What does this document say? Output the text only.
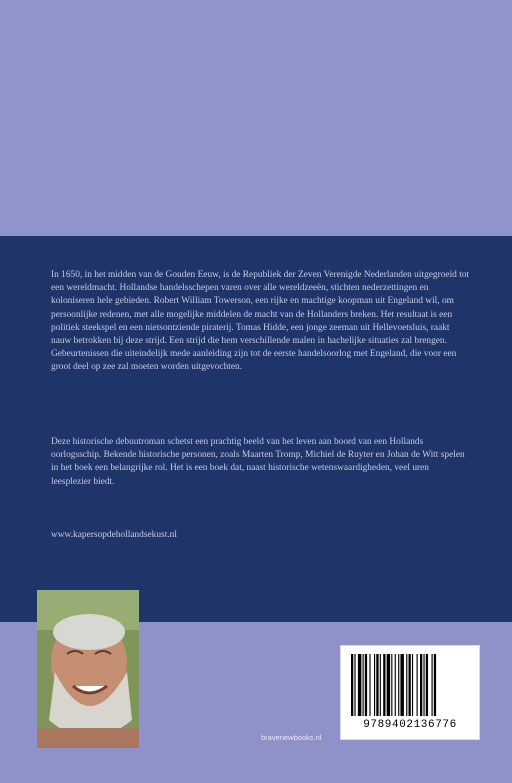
In 1650, in het midden van de Gouden Eeuw, is de Republiek der Zeven Verenigde Nederlanden uitgegroeid tot een wereldmacht. Hollandse handelsschepen varen over alle wereldzeeën, stichten nederzettingen en koloniseren hele gebieden. Robert William Towerson, een rijke en machtige koopman uit Engeland wil, om persoonlijke redenen, met alle mogelijke middelen de macht van de Hollanders breken. Het resultaat is een politiek steekspel en een nietsontziende piraterij. Tomas Hidde, een jonge zeeman uit Hellevoetsluis, raakt nauw betrokken bij deze strijd. Een strijd die hem verschillende malen in hachelijke situaties zal brengen. Gebeurtenissen die uiteindelijk mede aanleiding zijn tot de eerste handelsoorlog met Engeland, die voor een groot deel op zee zal moeten worden uitgevochten.

Deze historische debuutroman schetst een prachtig beeld van het leven aan boord van een Hollands oorlogsschip. Bekende historische personen, zoals Maarten Tromp, Michiel de Ruyter en Johan de Witt spelen in het boek een belangrijke rol. Het is een boek dat, naast historische wetenswaardigheden, veel uren leesplezier biedt.

www.kapersopdehollandsekust.nl
9789402136776
bravenewbooks.nl
